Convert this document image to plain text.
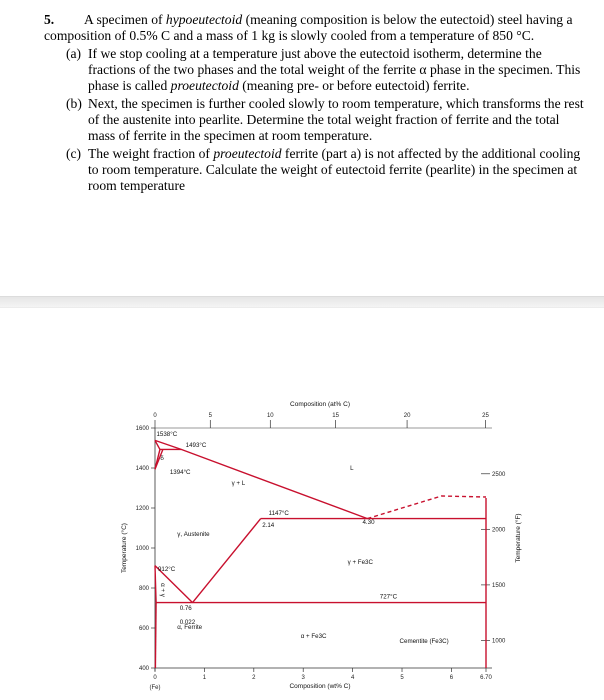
5. A specimen of hypoeutectoid (meaning composition is below the eutectoid) steel having a composition of 0.5% C and a mass of 1 kg is slowly cooled from a temperature of 850 °C.
(a) If we stop cooling at a temperature just above the eutectoid isotherm, determine the fractions of the two phases and the total weight of the ferrite α phase in the specimen. This phase is called proeutectoid (meaning pre- or before eutectoid) ferrite.
(b) Next, the specimen is further cooled slowly to room temperature, which transforms the rest of the austenite into pearlite. Determine the total weight fraction of ferrite and the total mass of ferrite in the specimen at room temperature.
(c) The weight fraction of proeutectoid ferrite (part a) is not affected by the additional cooling to room temperature. Calculate the weight of eutectoid ferrite (pearlite) in the specimen at room temperature
400
600
800
1000
1200
1400
1600
Temperature (°C)
1000
1500
2000
2500
Temperature (°F)
0	1	2	3	4	5	6	6.70
(Fe)	Composition (wt% C)
0	5	10	15	20	25
Composition (at% C)
1538°C
1493°C
1394°C
1147°C
912°C
727°C
2.14	4.30
0.76
0.022
δ
L
γ + L
γ, Austenite
γ + Fe3C
α + Fe3C
α, Ferrite
Cementite (Fe3C)
α + γ
